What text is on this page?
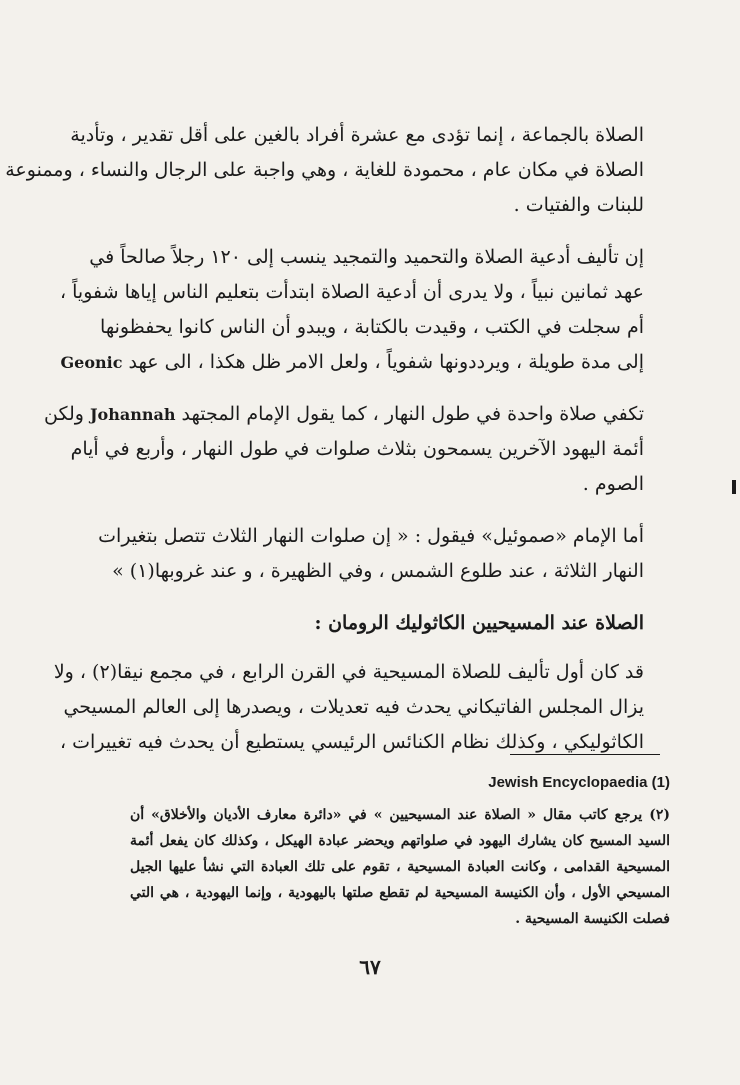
الصلاة بالجماعة ، إنما تؤدى مع عشرة أفراد بالغين على أقل تقدير ، وتأدية
الصلاة في مكان عام ، محمودة للغاية ، وهي واجبة على الرجال والنساء ، وممنوعة
للبنات والفتيات .

إن تأليف أدعية الصلاة والتحميد والتمجيد ينسب إلى ١٢٠ رجلاً صالحاً في
عهد ثمانين نبياً ، ولا يدرى أن أدعية الصلاة ابتدأت بتعليم الناس إياها شفوياً ،
أم سجلت في الكتب ، وقيدت بالكتابة ، ويبدو أن الناس كانوا يحفظونها
إلى مدة طويلة ، ويرددونها شفوياً ، ولعل الامر ظل هكذا ، الى عهد Geonic

تكفي صلاة واحدة في طول النهار ، كما يقول الإمام المجتهد Johannah ولكن
أئمة اليهود الآخرين يسمحون بثلاث صلوات في طول النهار ، وأربع في أيام
الصوم .

أما الإمام «صموئيل» فيقول : « إن صلوات النهار الثلاث تتصل بتغيرات
النهار الثلاثة ، عند طلوع الشمس ، وفي الظهيرة ، و عند غروبها(١) »

الصلاة عند المسيحيين الكاثوليك الرومان :

قد كان أول تأليف للصلاة المسيحية في القرن الرابع ، في مجمع نيقا(٢) ، ولا
يزال المجلس الفاتيكاني يحدث فيه تعديلات ، ويصدرها إلى العالم المسيحي
الكاثوليكي ، وكذلك نظام الكنائس الرئيسي يستطيع أن يحدث فيه تغييرات ،

Jewish Encyclopaedia (1)

(٢) يرجع كاتب مقال « الصلاة عند المسيحيين » في «دائرة معارف الأديان والأخلاق» أن السيد المسيح كان يشارك اليهود في صلواتهم ويحضر عبادة الهيكل ، وكذلك كان يفعل أئمة المسيحية القدامى ، وكانت العبادة المسيحية ، تقوم على تلك العبادة التي نشأ عليها الجيل المسيحي الأول ، وأن الكنيسة المسيحية لم تقطع صلتها باليهودية ، وإنما اليهودية ، هي التي فصلت الكنيسة المسيحية .

٦٧
